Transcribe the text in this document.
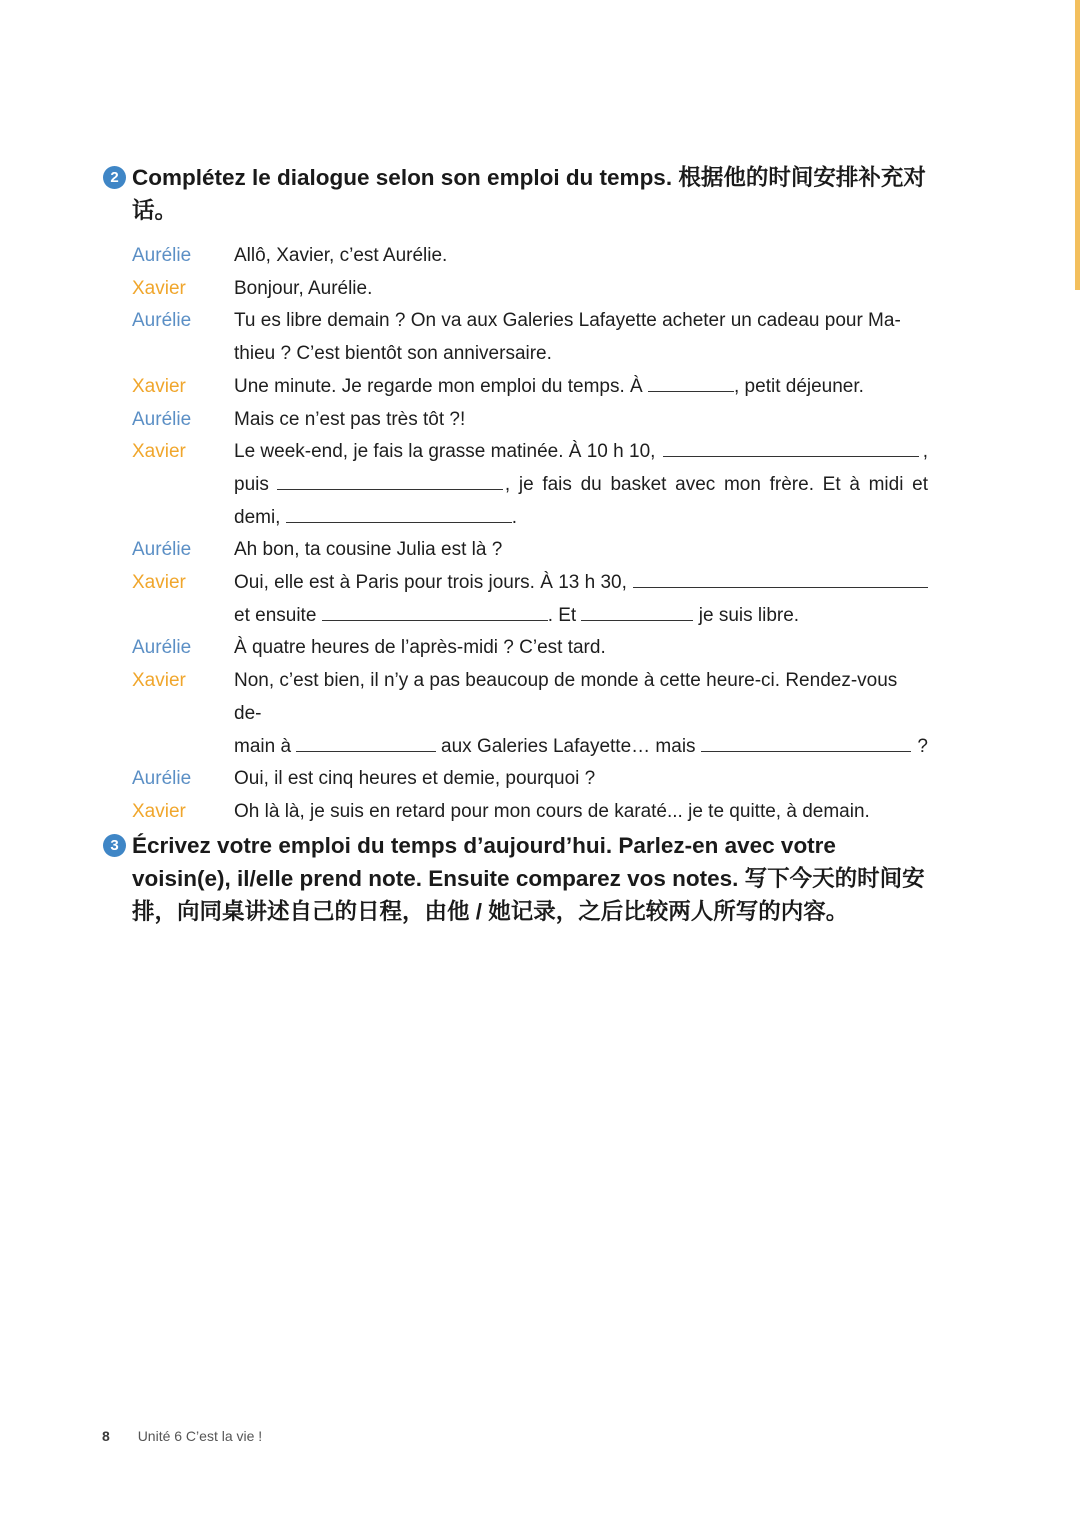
2 Complétez le dialogue selon son emploi du temps. 根据他的时间安排补充对话。
Aurélie	Allô, Xavier, c’est Aurélie.
Xavier	Bonjour, Aurélie.
Aurélie	Tu es libre demain ? On va aux Galeries Lafayette acheter un cadeau pour Ma-
thieu ? C’est bientôt son anniversaire.
Xavier	Une minute. Je regarde mon emploi du temps. À	, petit déjeuner.
Aurélie	Mais ce n’est pas très tôt ?!
Xavier	Le week-end, je fais la grasse matinée. À 10 h 10,	,
puis	, je fais du basket avec mon frère. Et à midi et
demi,	.
Aurélie	Ah bon, ta cousine Julia est là ?
Xavier	Oui, elle est à Paris pour trois jours. À 13 h 30,
et ensuite	. Et	je suis libre.
Aurélie	À quatre heures de l’après-midi ? C’est tard.
Xavier	Non, c’est bien, il n’y a pas beaucoup de monde à cette heure-ci. Rendez-vous de-
main à	aux Galeries Lafayette… mais	?
Aurélie	Oui, il est cinq heures et demie, pourquoi ?
Xavier	Oh là là, je suis en retard pour mon cours de karaté... je te quitte, à demain.
3 Écrivez votre emploi du temps d’aujourd’hui. Parlez-en avec votre voisin(e), il/elle prend note. Ensuite comparez vos notes. 写下今天的时间安排，向同桌讲述自己的日程，由他 / 她记录，之后比较两人所写的内容。
8 Unité 6 C’est la vie !
